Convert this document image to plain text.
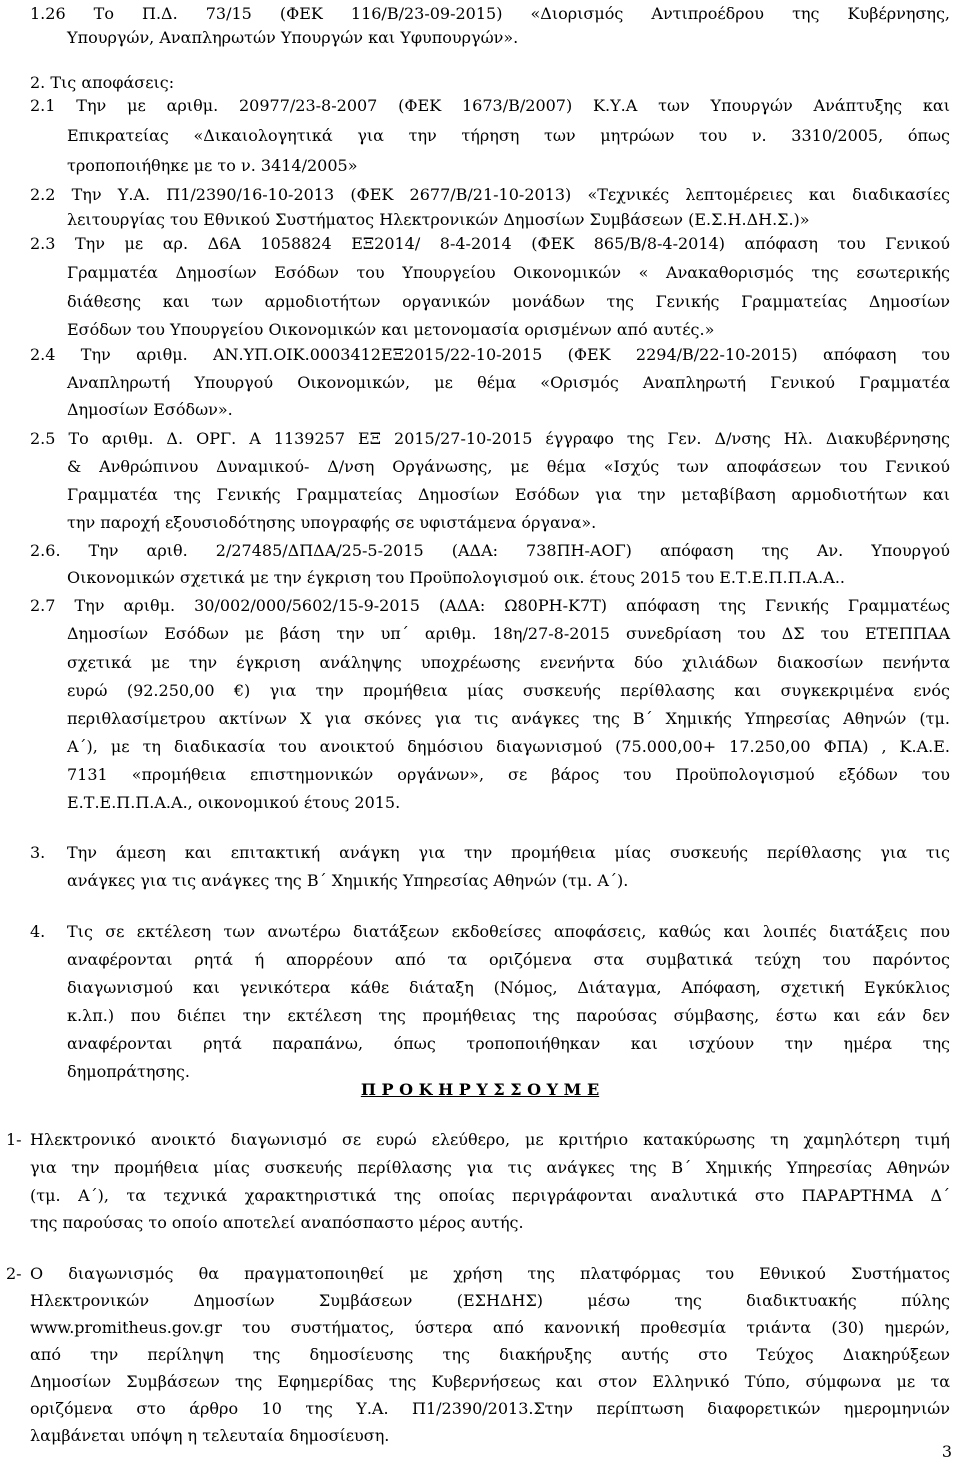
1.26 Το Π.Δ. 73/15 (ΦΕΚ 116/Β/23-09-2015) «Διορισμός Αντιπροέδρου της Κυβέρνησης,
Υπουργών, Αναπληρωτών Υπουργών και Υφυπουργών».
2. Τις αποφάσεις:
2.1 Την με αριθμ. 20977/23-8-2007 (ΦΕΚ 1673/Β/2007) Κ.Υ.Α των Υπουργών Ανάπτυξης και
Επικρατείας «Δικαιολογητικά για την τήρηση των μητρώων του ν. 3310/2005, όπως
τροποποιήθηκε με το ν. 3414/2005»
2.2 Την Υ.Α. Π1/2390/16-10-2013 (ΦΕΚ 2677/Β/21-10-2013) «Τεχνικές λεπτομέρειες και διαδικασίες
λειτουργίας του Εθνικού Συστήματος Ηλεκτρονικών Δημοσίων Συμβάσεων (Ε.Σ.Η.ΔΗ.Σ.)»
2.3 Την με αρ. Δ6Α 1058824 ΕΞ2014/ 8-4-2014 (ΦΕΚ 865/Β/8-4-2014) απόφαση του Γενικού
Γραμματέα Δημοσίων Εσόδων του Υπουργείου Οικονομικών « Ανακαθορισμός της εσωτερικής
διάθεσης και των αρμοδιοτήτων οργανικών μονάδων της Γενικής Γραμματείας Δημοσίων
Εσόδων του Υπουργείου Οικονομικών και μετονομασία ορισμένων από αυτές.»
2.4 Την αριθμ. ΑΝ.ΥΠ.ΟΙΚ.0003412ΕΞ2015/22-10-2015 (ΦΕΚ 2294/Β/22-10-2015) απόφαση του
Αναπληρωτή Υπουργού Οικονομικών, με θέμα «Ορισμός Αναπληρωτή Γενικού Γραμματέα
Δημοσίων Εσόδων».
2.5 Το αριθμ. Δ. ΟΡΓ. Α 1139257 ΕΞ 2015/27-10-2015 έγγραφο της Γεν. Δ/νσης Ηλ. Διακυβέρνησης
& Ανθρώπινου Δυναμικού- Δ/νση Οργάνωσης, με θέμα «Ισχύς των αποφάσεων του Γενικού
Γραμματέα της Γενικής Γραμματείας Δημοσίων Εσόδων για την μεταβίβαση αρμοδιοτήτων και
την παροχή εξουσιοδότησης υπογραφής σε υφιστάμενα όργανα».
2.6. Την αριθ. 2/27485/ΔΠΔΑ/25-5-2015 (ΑΔΑ: 738ΠΗ-ΑΟΓ) απόφαση της Αν. Υπουργού
Οικονομικών σχετικά με την έγκριση του Προϋπολογισμού οικ. έτους 2015 του Ε.Τ.Ε.Π.Π.Α.Α..
2.7 Την αριθμ. 30/002/000/5602/15-9-2015 (ΑΔΑ: Ω80ΡΗ-Κ7Τ) απόφαση της Γενικής Γραμματέως
Δημοσίων Εσόδων με βάση την υπ΄ αριθμ. 18η/27-8-2015 συνεδρίαση του ΔΣ του ΕΤΕΠΠΑΑ
σχετικά με την έγκριση ανάληψης υποχρέωσης ενενήντα δύο χιλιάδων διακοσίων πενήντα
ευρώ (92.250,00 €) για την προμήθεια μίας συσκευής περίθλασης και συγκεκριμένα ενός
περιθλασίμετρου ακτίνων Χ για σκόνες για τις ανάγκες της Β΄ Χημικής Υπηρεσίας Αθηνών (τμ.
Α΄), με τη διαδικασία του ανοικτού δημόσιου διαγωνισμού (75.000,00+ 17.250,00 ΦΠΑ) , Κ.Α.Ε.
7131 «προμήθεια επιστημονικών οργάνων», σε βάρος του Προϋπολογισμού εξόδων του
Ε.Τ.Ε.Π.Π.Α.Α., οικονομικού έτους 2015.
3. Την άμεση και επιτακτική ανάγκη για την προμήθεια μίας συσκευής περίθλασης για τις
ανάγκες για τις ανάγκες της Β΄ Χημικής Υπηρεσίας Αθηνών (τμ. Α΄).
4. Τις σε εκτέλεση των ανωτέρω διατάξεων εκδοθείσες αποφάσεις, καθώς και λοιπές διατάξεις που
αναφέρονται ρητά ή απορρέουν από τα οριζόμενα στα συμβατικά τεύχη του παρόντος
διαγωνισμού και γενικότερα κάθε διάταξη (Νόμος, Διάταγμα, Απόφαση, σχετική Εγκύκλιος
κ.λπ.) που διέπει την εκτέλεση της προμήθειας της παρούσας σύμβασης, έστω και εάν δεν
αναφέρονται ρητά παραπάνω, όπως τροποποιήθηκαν και ισχύουν την ημέρα της
δημοπράτησης.
Π Ρ Ο Κ Η Ρ Υ Σ Σ Ο Υ Μ Ε
1- Ηλεκτρονικό ανοικτό διαγωνισμό σε ευρώ ελεύθερο, με κριτήριο κατακύρωσης τη χαμηλότερη τιμή
για την προμήθεια μίας συσκευής περίθλασης για τις ανάγκες της Β΄ Χημικής Υπηρεσίας Αθηνών
(τμ. Α΄), τα τεχνικά χαρακτηριστικά της οποίας περιγράφονται αναλυτικά στο ΠΑΡΑΡΤΗΜΑ Δ΄
της παρούσας το οποίο αποτελεί αναπόσπαστο μέρος αυτής.
2- Ο διαγωνισμός θα πραγματοποιηθεί με χρήση της πλατφόρμας του Εθνικού Συστήματος
Ηλεκτρονικών Δημοσίων Συμβάσεων (ΕΣΗΔΗΣ) μέσω της διαδικτυακής πύλης
www.promitheus.gov.gr του συστήματος, ύστερα από κανονική προθεσμία τριάντα (30) ημερών,
από την περίληψη της δημοσίευσης της διακήρυξης αυτής στο Τεύχος Διακηρύξεων
Δημοσίων Συμβάσεων της Εφημερίδας της Κυβερνήσεως και στον Ελληνικό Τύπο, σύμφωνα με τα
3
οριζόμενα στο άρθρο 10 της Υ.Α. Π1/2390/2013.Στην περίπτωση διαφορετικών ημερομηνιών
λαμβάνεται υπόψη η τελευταία δημοσίευση.
